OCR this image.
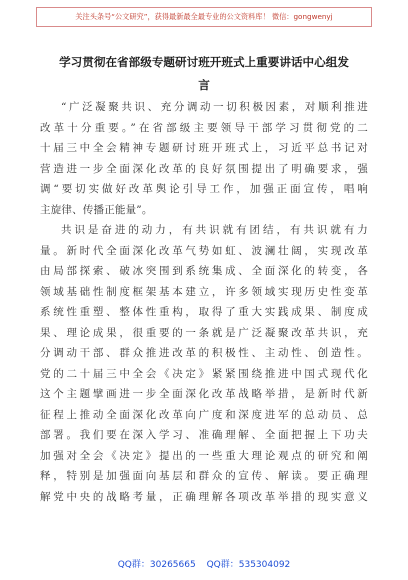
关注头条号“公文研究”，获得最新最全最专业的公文资料库！ 微信：gongwenyj
学习贯彻在省部级专题研讨班开班式上重要讲话中心组发
言
“广泛凝聚共识、充分调动一切积极因素，对顺利推进
改革十分重要。”在省部级主要领导干部学习贯彻党的二
十届三中全会精神专题研讨班开班式上，习近平总书记对
营造进一步全面深化改革的良好氛围提出了明确要求，强
调“要切实做好改革舆论引导工作，加强正面宣传，唱响
主旋律、传播正能量”。
共识是奋进的动力，有共识就有团结，有共识就有力
量。新时代全面深化改革气势如虹、波澜壮阔，实现改革
由局部探索、破冰突围到系统集成、全面深化的转变，各
领域基础性制度框架基本建立，许多领域实现历史性变革
系统性重塑、整体性重构，取得了重大实践成果、制度成
果、理论成果，很重要的一条就是广泛凝聚改革共识，充
分调动干部、群众推进改革的积极性、主动性、创造性。
党的二十届三中全会《决定》紧紧围绕推进中国式现代化
这个主题擘画进一步全面深化改革战略举措，是新时代新
征程上推动全面深化改革向广度和深度进军的总动员、总
部署。我们要在深入学习、准确理解、全面把握上下功夫
加强对全会《决定》提出的一些重大理论观点的研究和阐
释，特别是加强面向基层和群众的宣传、解读。要正确理
解党中央的战略考量，正确理解各项改革举措的现实意义
QQ群：30265665 QQ群：535304092
